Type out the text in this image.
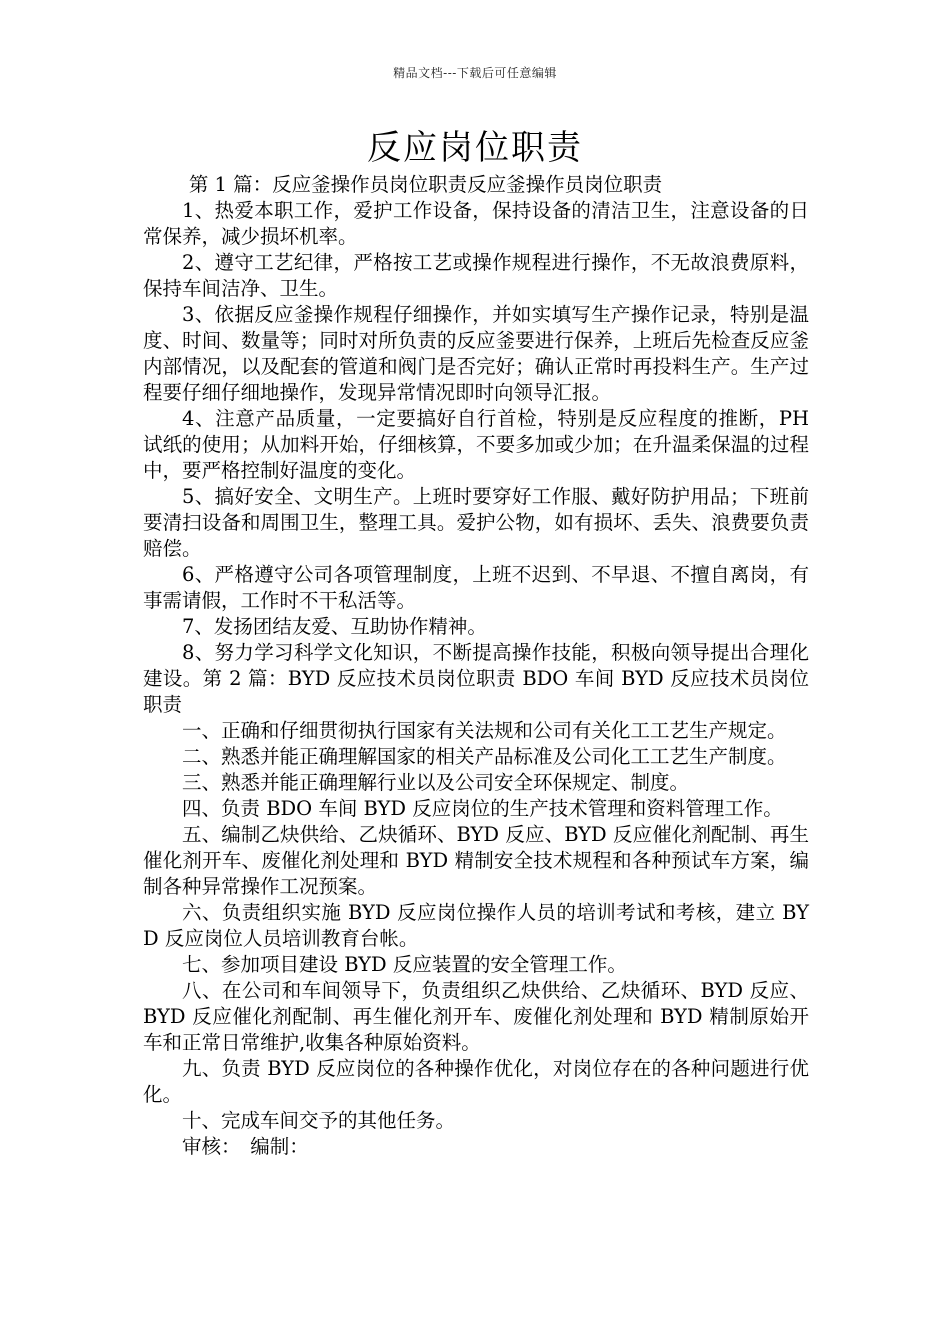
精品文档---下载后可任意编辑
反应岗位职责

第 1 篇：反应釜操作员岗位职责反应釜操作员岗位职责

1、热爱本职工作，爱护工作设备，保持设备的清洁卫生，注意设备的日常保养，减少损坏机率。

2、遵守工艺纪律，严格按工艺或操作规程进行操作，不无故浪费原料，保持车间洁净、卫生。

3、依据反应釜操作规程仔细操作，并如实填写生产操作记录，特别是温度、时间、数量等；同时对所负责的反应釜要进行保养，上班后先检查反应釜内部情况，以及配套的管道和阀门是否完好；确认正常时再投料生产。生产过程要仔细仔细地操作，发现异常情况即时向领导汇报。

4、注意产品质量，一定要搞好自行首检，特别是反应程度的推断，PH 试纸的使用；从加料开始，仔细核算，不要多加或少加；在升温柔保温的过程中，要严格控制好温度的变化。

5、搞好安全、文明生产。上班时要穿好工作服、戴好防护用品；下班前要清扫设备和周围卫生，整理工具。爱护公物，如有损坏、丢失、浪费要负责赔偿。

6、严格遵守公司各项管理制度，上班不迟到、不早退、不擅自离岗，有事需请假，工作时不干私活等。

7、发扬团结友爱、互助协作精神。

8、努力学习科学文化知识，不断提高操作技能，积极向领导提出合理化建设。第 2 篇：BYD 反应技术员岗位职责 BDO 车间 BYD 反应技术员岗位职责

一、正确和仔细贯彻执行国家有关法规和公司有关化工工艺生产规定。

二、熟悉并能正确理解国家的相关产品标准及公司化工工艺生产制度。

三、熟悉并能正确理解行业以及公司安全环保规定、制度。

四、负责 BDO 车间 BYD 反应岗位的生产技术管理和资料管理工作。

五、编制乙炔供给、乙炔循环、BYD 反应、BYD 反应催化剂配制、再生催化剂开车、废催化剂处理和 BYD 精制安全技术规程和各种预试车方案，编制各种异常操作工况预案。

六、负责组织实施 BYD 反应岗位操作人员的培训考试和考核，建立 BYD 反应岗位人员培训教育台帐。

七、参加项目建设 BYD 反应装置的安全管理工作。

八、在公司和车间领导下，负责组织乙炔供给、乙炔循环、BYD 反应、BYD 反应催化剂配制、再生催化剂开车、废催化剂处理和 BYD 精制原始开车和正常日常维护,收集各种原始资料。

九、负责 BYD 反应岗位的各种操作优化，对岗位存在的各种问题进行优化。

十、完成车间交予的其他任务。

审核：　编制：
